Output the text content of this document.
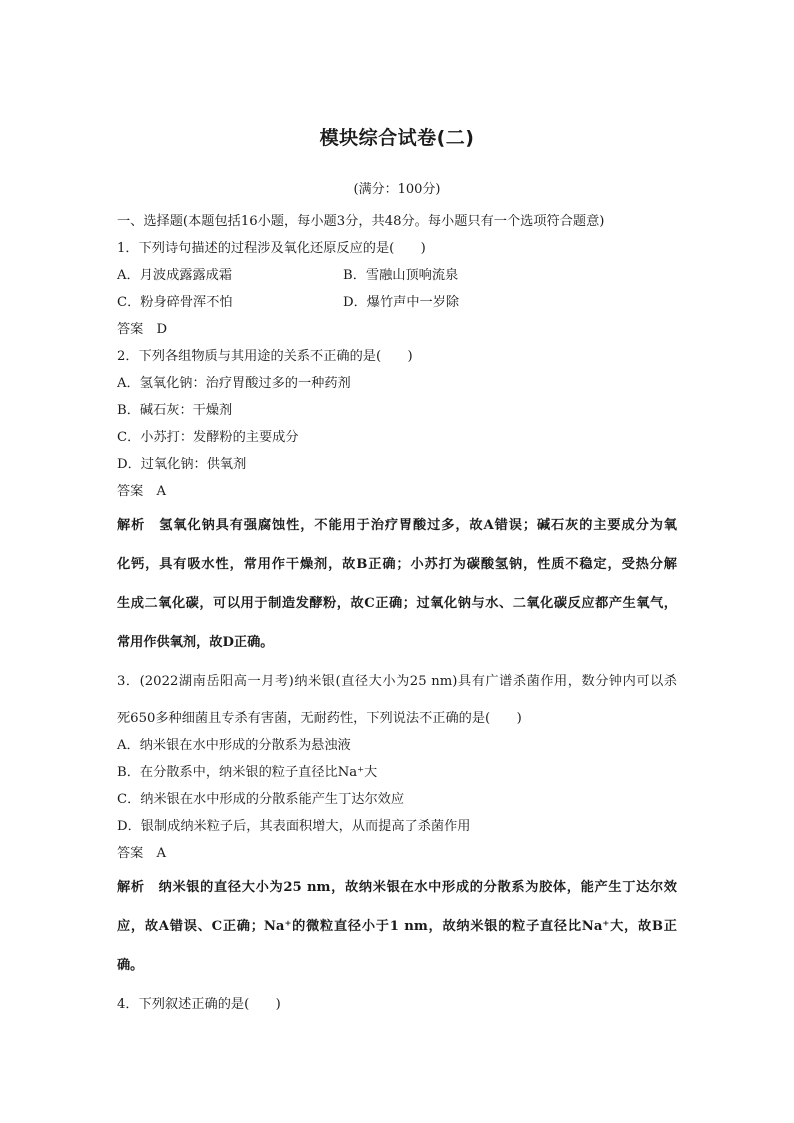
模块综合试卷(二)
(满分：100分)
一、选择题(本题包括16小题，每小题3分，共48分。每小题只有一个选项符合题意)
1．下列诗句描述的过程涉及氧化还原反应的是(　　)
A．月波成露露成霜	B．雪融山顶响流泉
C．粉身碎骨浑不怕	D．爆竹声中一岁除
答案　D
2．下列各组物质与其用途的关系不正确的是(　　)
A．氢氧化钠：治疗胃酸过多的一种药剂
B．碱石灰：干燥剂
C．小苏打：发酵粉的主要成分
D．过氧化钠：供氧剂
答案　A
解析　氢氧化钠具有强腐蚀性，不能用于治疗胃酸过多，故A错误；碱石灰的主要成分为氧
化钙，具有吸水性，常用作干燥剂，故B正确；小苏打为碳酸氢钠，性质不稳定，受热分解
生成二氧化碳，可以用于制造发酵粉，故C正确；过氧化钠与水、二氧化碳反应都产生氧气，
常用作供氧剂，故D正确。
3．(2022湖南岳阳高一月考)纳米银(直径大小为25 nm)具有广谱杀菌作用，数分钟内可以杀
死650多种细菌且专杀有害菌，无耐药性，下列说法不正确的是(　　)
A．纳米银在水中形成的分散系为悬浊液
B．在分散系中，纳米银的粒子直径比Na⁺大
C．纳米银在水中形成的分散系能产生丁达尔效应
D．银制成纳米粒子后，其表面积增大，从而提高了杀菌作用
答案　A
解析　纳米银的直径大小为25 nm，故纳米银在水中形成的分散系为胶体，能产生丁达尔效
应，故A错误、C正确；Na⁺的微粒直径小于1 nm，故纳米银的粒子直径比Na⁺大，故B正
确。
4．下列叙述正确的是(　　)
